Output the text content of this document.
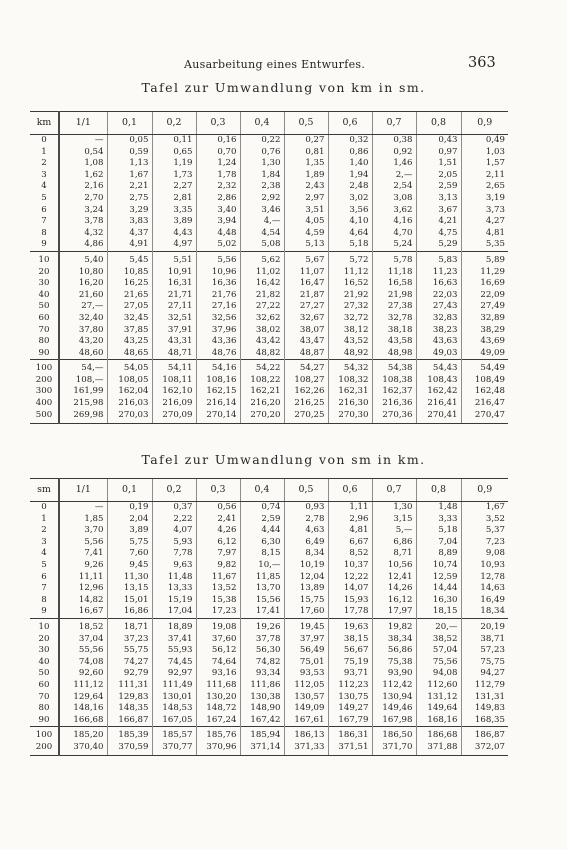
Ausarbeitung eines Entwurfes.	363
Tafel zur Umwandlung von km in sm.
km	1/1	0,1	0,2	0,3	0,4	0,5	0,6	0,7	0,8	0,9
0	—	0,05	0,11	0,16	0,22	0,27	0,32	0,38	0,43	0,49
1	0,54	0,59	0,65	0,70	0,76	0,81	0,86	0,92	0,97	1,03
2	1,08	1,13	1,19	1,24	1,30	1,35	1,40	1,46	1,51	1,57
3	1,62	1,67	1,73	1,78	1,84	1,89	1,94	2,—	2,05	2,11
4	2,16	2,21	2,27	2,32	2,38	2,43	2,48	2,54	2,59	2,65
5	2,70	2,75	2,81	2,86	2,92	2,97	3,02	3,08	3,13	3,19
6	3,24	3,29	3,35	3,40	3,46	3,51	3,56	3,62	3,67	3,73
7	3,78	3,83	3,89	3,94	4,—	4,05	4,10	4,16	4,21	4,27
8	4,32	4,37	4,43	4,48	4,54	4,59	4,64	4,70	4,75	4,81
9	4,86	4,91	4,97	5,02	5,08	5,13	5,18	5,24	5,29	5,35
10	5,40	5,45	5,51	5,56	5,62	5,67	5,72	5,78	5,83	5,89
20	10,80	10,85	10,91	10,96	11,02	11,07	11,12	11,18	11,23	11,29
30	16,20	16,25	16,31	16,36	16,42	16,47	16,52	16,58	16,63	16,69
40	21,60	21,65	21,71	21,76	21,82	21,87	21,92	21,98	22,03	22,09
50	27,—	27,05	27,11	27,16	27,22	27,27	27,32	27,38	27,43	27,49
60	32,40	32,45	32,51	32,56	32,62	32,67	32,72	32,78	32,83	32,89
70	37,80	37,85	37,91	37,96	38,02	38,07	38,12	38,18	38,23	38,29
80	43,20	43,25	43,31	43,36	43,42	43,47	43,52	43,58	43,63	43,69
90	48,60	48,65	48,71	48,76	48,82	48,87	48,92	48,98	49,03	49,09
100	54,—	54,05	54,11	54,16	54,22	54,27	54,32	54,38	54,43	54,49
200	108,—	108,05	108,11	108,16	108,22	108,27	108,32	108,38	108,43	108,49
300	161,99	162,04	162,10	162,15	162,21	162,26	162,31	162,37	162,42	162,48
400	215,98	216,03	216,09	216,14	216,20	216,25	216,30	216,36	216,41	216,47
500	269,98	270,03	270,09	270,14	270,20	270,25	270,30	270,36	270,41	270,47
Tafel zur Umwandlung von sm in km.
sm	1/1	0,1	0,2	0,3	0,4	0,5	0,6	0,7	0,8	0,9
0	—	0,19	0,37	0,56	0,74	0,93	1,11	1,30	1,48	1,67
1	1,85	2,04	2,22	2,41	2,59	2,78	2,96	3,15	3,33	3,52
2	3,70	3,89	4,07	4,26	4,44	4,63	4,81	5,—	5,18	5,37
3	5,56	5,75	5,93	6,12	6,30	6,49	6,67	6,86	7,04	7,23
4	7,41	7,60	7,78	7,97	8,15	8,34	8,52	8,71	8,89	9,08
5	9,26	9,45	9,63	9,82	10,—	10,19	10,37	10,56	10,74	10,93
6	11,11	11,30	11,48	11,67	11,85	12,04	12,22	12,41	12,59	12,78
7	12,96	13,15	13,33	13,52	13,70	13,89	14,07	14,26	14,44	14,63
8	14,82	15,01	15,19	15,38	15,56	15,75	15,93	16,12	16,30	16,49
9	16,67	16,86	17,04	17,23	17,41	17,60	17,78	17,97	18,15	18,34
10	18,52	18,71	18,89	19,08	19,26	19,45	19,63	19,82	20,—	20,19
20	37,04	37,23	37,41	37,60	37,78	37,97	38,15	38,34	38,52	38,71
30	55,56	55,75	55,93	56,12	56,30	56,49	56,67	56,86	57,04	57,23
40	74,08	74,27	74,45	74,64	74,82	75,01	75,19	75,38	75,56	75,75
50	92,60	92,79	92,97	93,16	93,34	93,53	93,71	93,90	94,08	94,27
60	111,12	111,31	111,49	111,68	111,86	112,05	112,23	112,42	112,60	112,79
70	129,64	129,83	130,01	130,20	130,38	130,57	130,75	130,94	131,12	131,31
80	148,16	148,35	148,53	148,72	148,90	149,09	149,27	149,46	149,64	149,83
90	166,68	166,87	167,05	167,24	167,42	167,61	167,79	167,98	168,16	168,35
100	185,20	185,39	185,57	185,76	185,94	186,13	186,31	186,50	186,68	186,87
200	370,40	370,59	370,77	370,96	371,14	371,33	371,51	371,70	371,88	372,07
